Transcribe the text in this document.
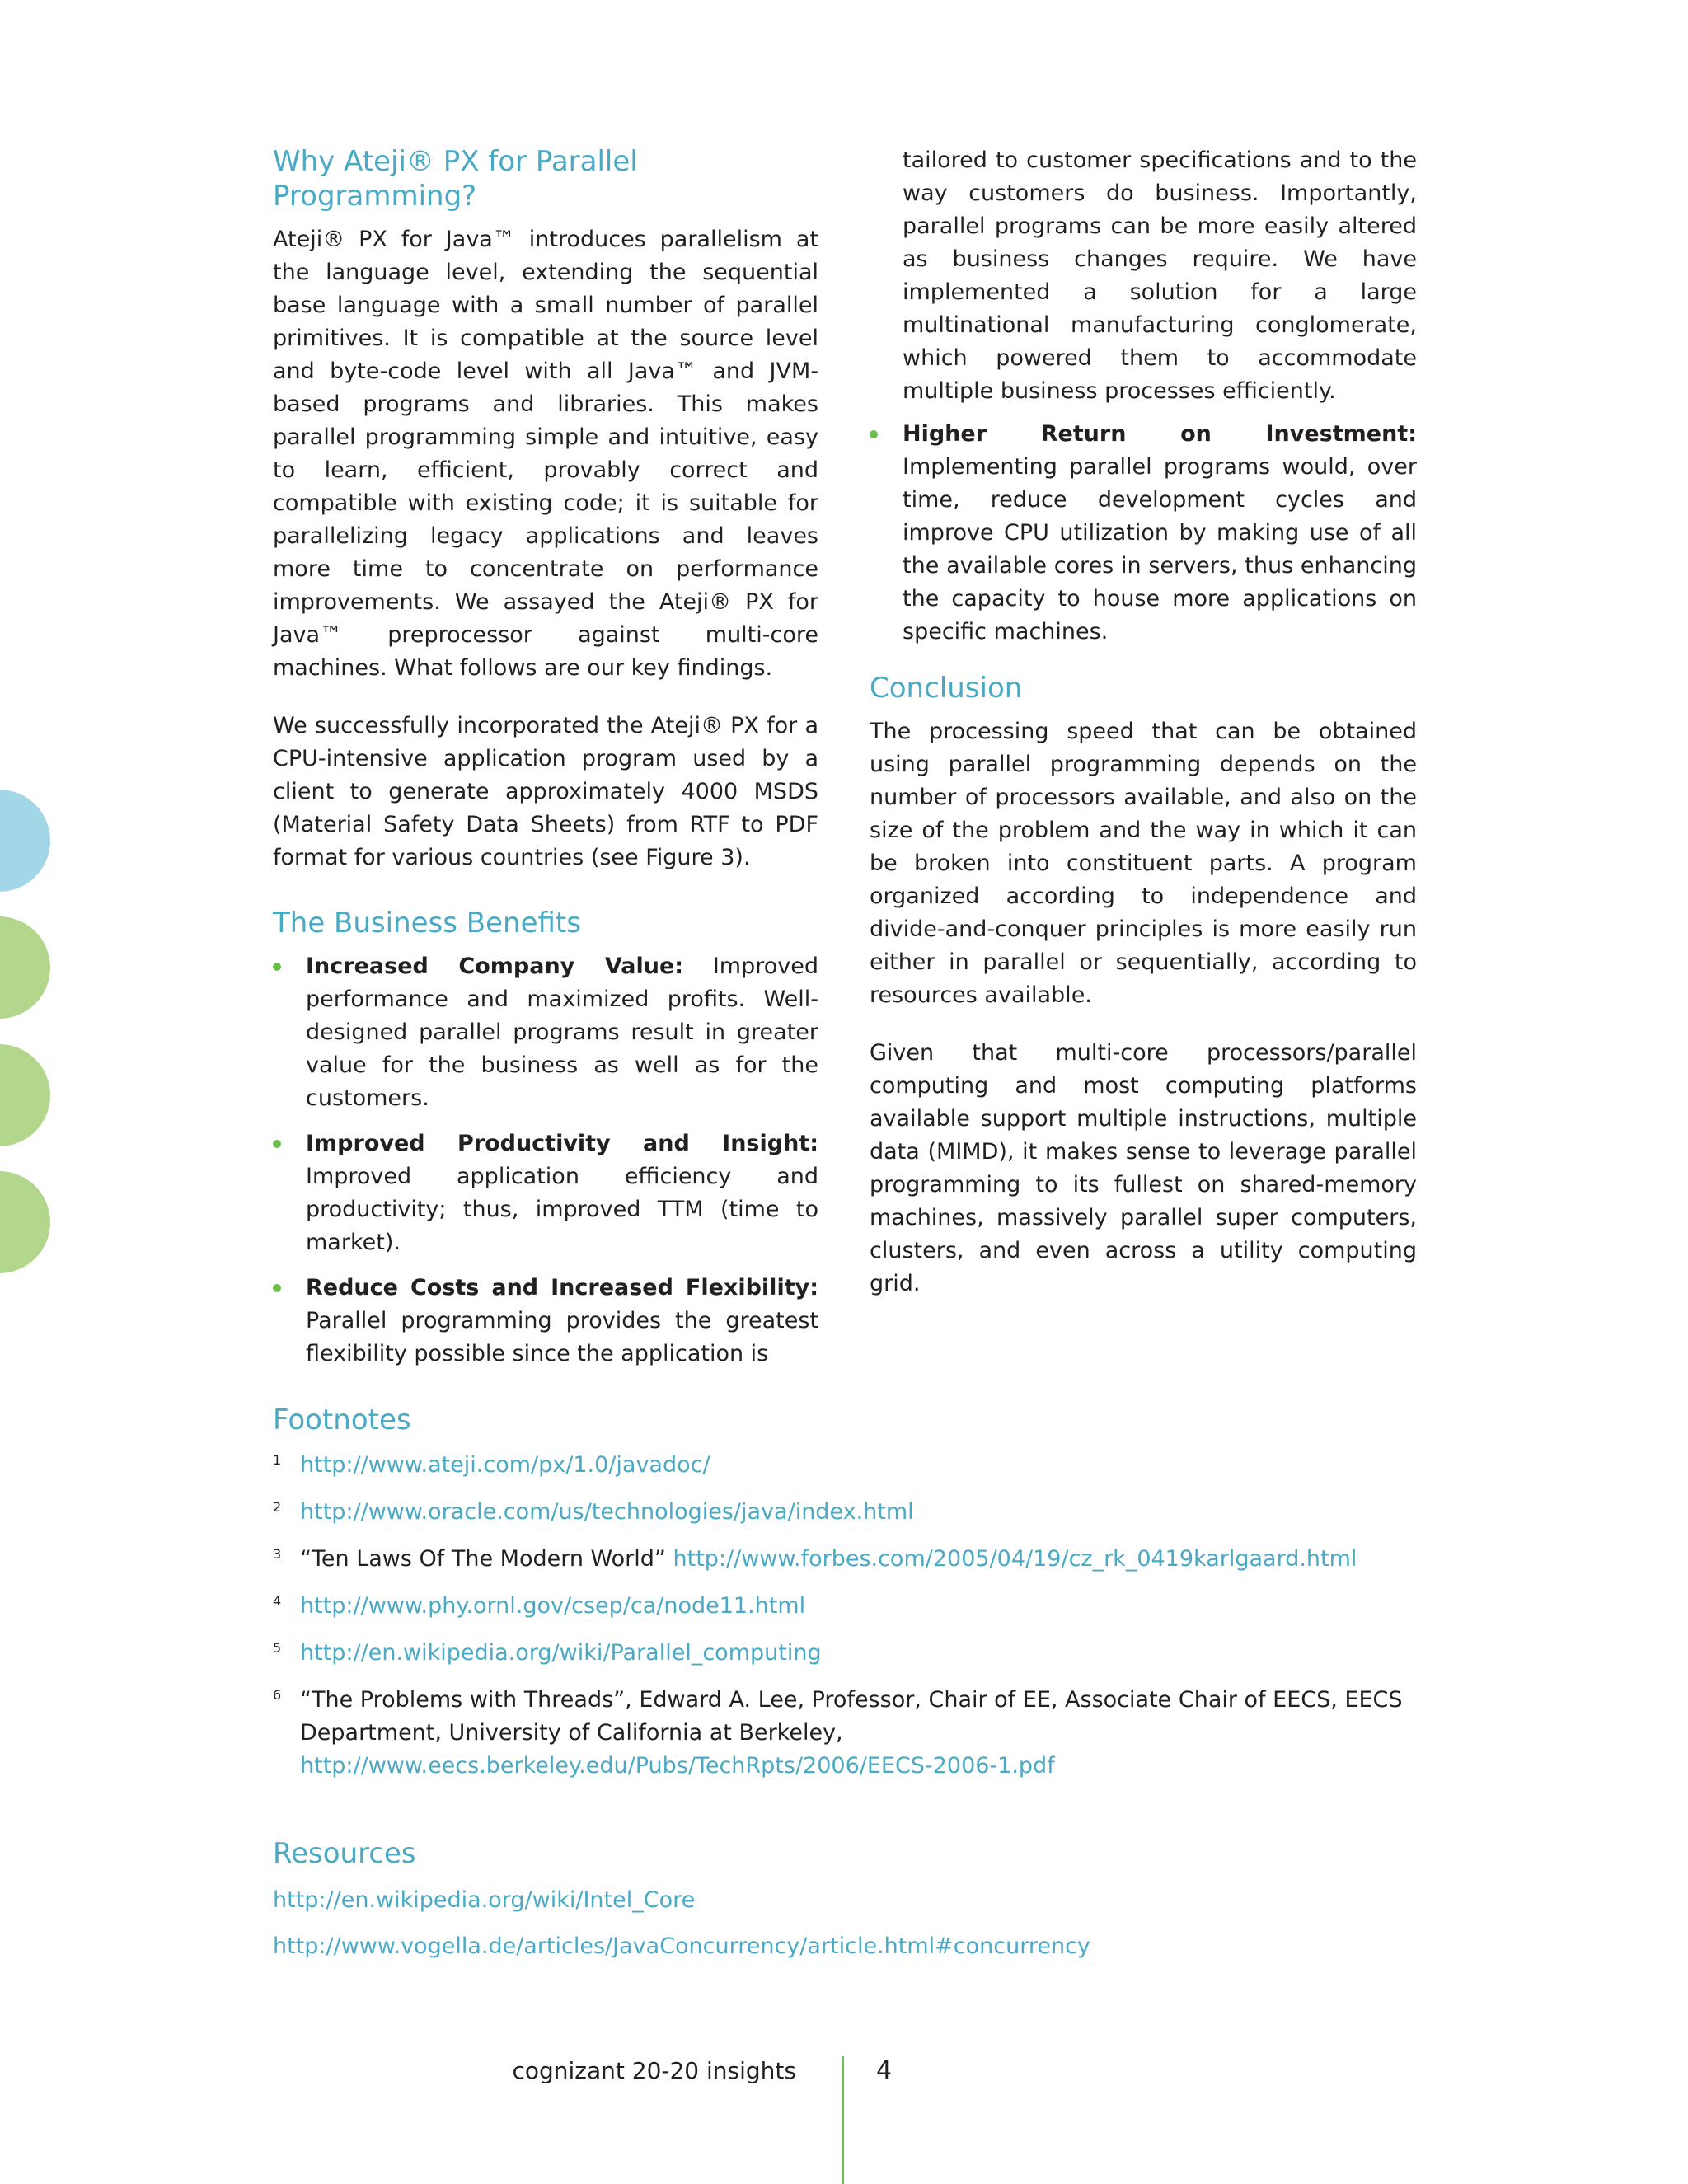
Why Ateji® PX for Parallel Programming?

Ateji® PX for Java™ introduces parallelism at the language level, extending the sequential base language with a small number of parallel primitives. It is compatible at the source level and byte-code level with all Java™ and JVM-based programs and libraries. This makes parallel programming simple and intuitive, easy to learn, efficient, provably correct and compatible with existing code; it is suitable for parallelizing legacy applications and leaves more time to concentrate on performance improvements. We assayed the Ateji® PX for Java™ preprocessor against multi-core machines. What follows are our key findings.

We successfully incorporated the Ateji® PX for a CPU-intensive application program used by a client to generate approximately 4000 MSDS (Material Safety Data Sheets) from RTF to PDF format for various countries (see Figure 3).

The Business Benefits
Increased Company Value: Improved performance and maximized profits. Well-designed parallel programs result in greater value for the business as well as for the customers.
Improved Productivity and Insight: Improved application efficiency and productivity; thus, improved TTM (time to market).
Reduce Costs and Increased Flexibility: Parallel programming provides the greatest flexibility possible since the application is

tailored to customer specifications and to the way customers do business. Importantly, parallel programs can be more easily altered as business changes require. We have implemented a solution for a large multinational manufacturing conglomerate, which powered them to accommodate multiple business processes efficiently.

Higher Return on Investment: Implementing parallel programs would, over time, reduce development cycles and improve CPU utilization by making use of all the available cores in servers, thus enhancing the capacity to house more applications on specific machines.
Conclusion

The processing speed that can be obtained using parallel programming depends on the number of processors available, and also on the size of the problem and the way in which it can be broken into constituent parts. A program organized according to independence and divide-and-conquer principles is more easily run either in parallel or sequentially, according to resources available.

Given that multi-core processors/parallel computing and most computing platforms available support multiple instructions, multiple data (MIMD), it makes sense to leverage parallel programming to its fullest on shared-memory machines, massively parallel super computers, clusters, and even across a utility computing grid.

Footnotes
1 http://www.ateji.com/px/1.0/javadoc/
2 http://www.oracle.com/us/technologies/java/index.html
3 “Ten Laws Of The Modern World” http://www.forbes.com/2005/04/19/cz_rk_0419karlgaard.html
4 http://www.phy.ornl.gov/csep/ca/node11.html
5 http://en.wikipedia.org/wiki/Parallel_computing
6 “The Problems with Threads”, Edward A. Lee, Professor, Chair of EE, Associate Chair of EECS, EECS Department, University of California at Berkeley, http://www.eecs.berkeley.edu/Pubs/TechRpts/2006/EECS-2006-1.pdf
Resources
http://en.wikipedia.org/wiki/Intel_Core
http://www.vogella.de/articles/JavaConcurrency/article.html#concurrency
cognizant 20-20 insights	4
